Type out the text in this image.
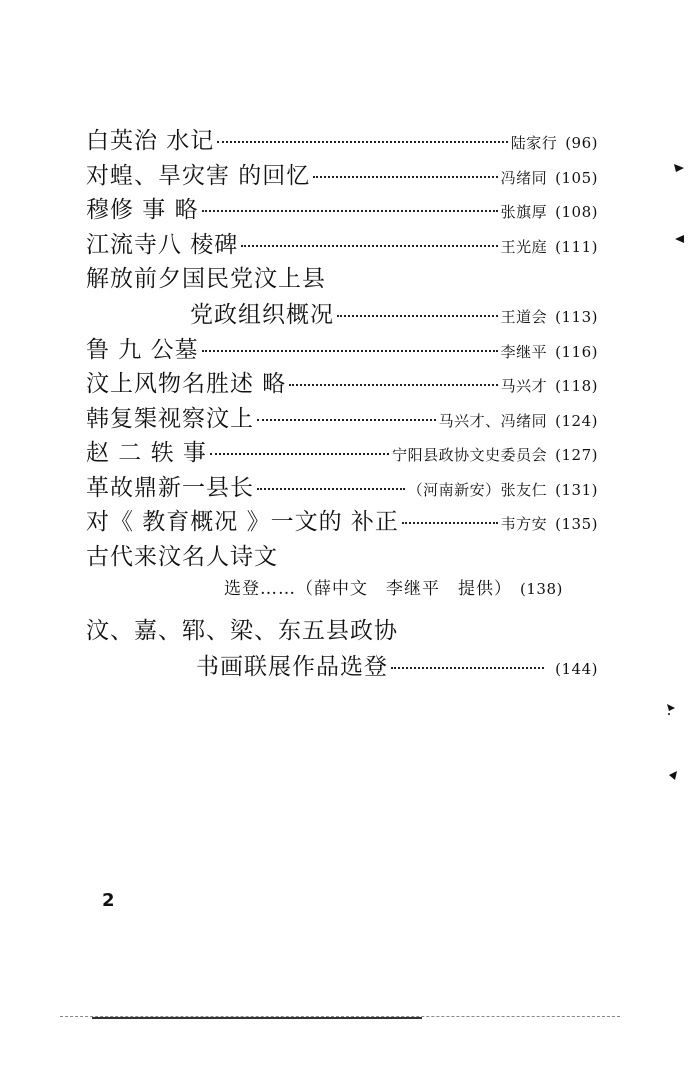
白英治 水记	陆家行 (96)
对蝗、旱灾害 的回忆	冯绪同 (105)
穆修 事 略	张旗厚 (108)
江流寺八 棱碑	王光庭 (111)
解放前夕国民党汶上县
党政组织概况	王道会 (113)
鲁 九 公墓	李继平 (116)
汶上风物名胜述 略	马兴才 (118)
韩复榘视察汶上	马兴才、冯绪同 (124)
赵 二 轶 事	宁阳县政协文史委员会 (127)
革故鼎新一县长	（河南新安）张友仁 (131)
对《 教育概况 》一文的 补正	韦方安 (135)
古代来汶名人诗文
选登……（薛中文　李继平　提供） (138)
汶、嘉、郓、梁、东五县政协
书画联展作品选登	(144)
2
